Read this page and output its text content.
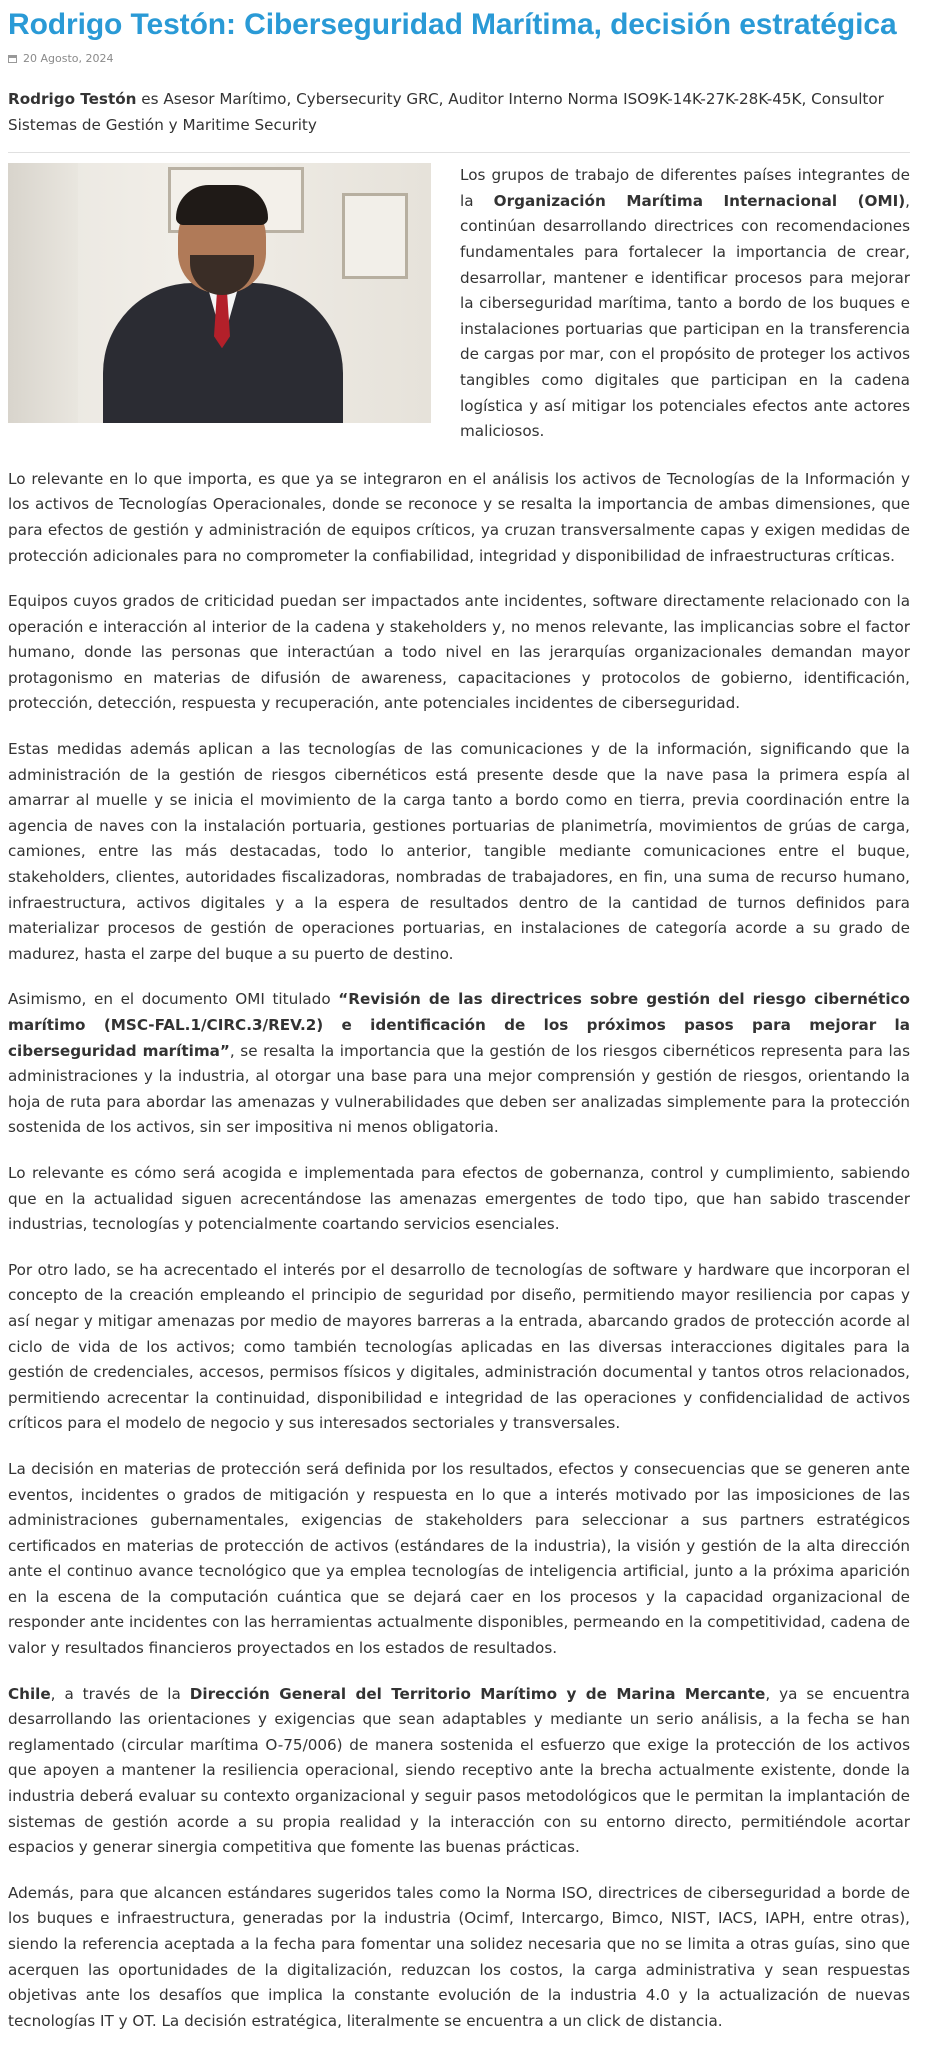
Rodrigo Testón: Ciberseguridad Marítima, decisión estratégica
20 Agosto, 2024

Rodrigo Testón es Asesor Marítimo, Cybersecurity GRC, Auditor Interno Norma ISO9K-14K-27K-28K-45K, Consultor Sistemas de Gestión y Maritime Security

Los grupos de trabajo de diferentes países integrantes de la Organización Marítima Internacional (OMI), continúan desarrollando directrices con recomendaciones fundamentales para fortalecer la importancia de crear, desarrollar, mantener e identificar procesos para mejorar la ciberseguridad marítima, tanto a bordo de los buques e instalaciones portuarias que participan en la transferencia de cargas por mar, con el propósito de proteger los activos tangibles como digitales que participan en la cadena logística y así mitigar los potenciales efectos ante actores maliciosos.

Lo relevante en lo que importa, es que ya se integraron en el análisis los activos de Tecnologías de la Información y los activos de Tecnologías Operacionales, donde se reconoce y se resalta la importancia de ambas dimensiones, que para efectos de gestión y administración de equipos críticos, ya cruzan transversalmente capas y exigen medidas de protección adicionales para no comprometer la confiabilidad, integridad y disponibilidad de infraestructuras críticas.

Equipos cuyos grados de criticidad puedan ser impactados ante incidentes, software directamente relacionado con la operación e interacción al interior de la cadena y stakeholders y, no menos relevante, las implicancias sobre el factor humano, donde las personas que interactúan a todo nivel en las jerarquías organizacionales demandan mayor protagonismo en materias de difusión de awareness, capacitaciones y protocolos de gobierno, identificación, protección, detección, respuesta y recuperación, ante potenciales incidentes de ciberseguridad.

Estas medidas además aplican a las tecnologías de las comunicaciones y de la información, significando que la administración de la gestión de riesgos cibernéticos está presente desde que la nave pasa la primera espía al amarrar al muelle y se inicia el movimiento de la carga tanto a bordo como en tierra, previa coordinación entre la agencia de naves con la instalación portuaria, gestiones portuarias de planimetría, movimientos de grúas de carga, camiones, entre las más destacadas, todo lo anterior, tangible mediante comunicaciones entre el buque, stakeholders, clientes, autoridades fiscalizadoras, nombradas de trabajadores, en fin, una suma de recurso humano, infraestructura, activos digitales y a la espera de resultados dentro de la cantidad de turnos definidos para materializar procesos de gestión de operaciones portuarias, en instalaciones de categoría acorde a su grado de madurez, hasta el zarpe del buque a su puerto de destino.

Asimismo, en el documento OMI titulado “Revisión de las directrices sobre gestión del riesgo cibernético marítimo (MSC-FAL.1/CIRC.3/REV.2) e identificación de los próximos pasos para mejorar la ciberseguridad marítima”, se resalta la importancia que la gestión de los riesgos cibernéticos representa para las administraciones y la industria, al otorgar una base para una mejor comprensión y gestión de riesgos, orientando la hoja de ruta para abordar las amenazas y vulnerabilidades que deben ser analizadas simplemente para la protección sostenida de los activos, sin ser impositiva ni menos obligatoria.

Lo relevante es cómo será acogida e implementada para efectos de gobernanza, control y cumplimiento, sabiendo que en la actualidad siguen acrecentándose las amenazas emergentes de todo tipo, que han sabido trascender industrias, tecnologías y potencialmente coartando servicios esenciales.

Por otro lado, se ha acrecentado el interés por el desarrollo de tecnologías de software y hardware que incorporan el concepto de la creación empleando el principio de seguridad por diseño, permitiendo mayor resiliencia por capas y así negar y mitigar amenazas por medio de mayores barreras a la entrada, abarcando grados de protección acorde al ciclo de vida de los activos; como también tecnologías aplicadas en las diversas interacciones digitales para la gestión de credenciales, accesos, permisos físicos y digitales, administración documental y tantos otros relacionados, permitiendo acrecentar la continuidad, disponibilidad e integridad de las operaciones y confidencialidad de activos críticos para el modelo de negocio y sus interesados sectoriales y transversales.

La decisión en materias de protección será definida por los resultados, efectos y consecuencias que se generen ante eventos, incidentes o grados de mitigación y respuesta en lo que a interés motivado por las imposiciones de las administraciones gubernamentales, exigencias de stakeholders para seleccionar a sus partners estratégicos certificados en materias de protección de activos (estándares de la industria), la visión y gestión de la alta dirección ante el continuo avance tecnológico que ya emplea tecnologías de inteligencia artificial, junto a la próxima aparición en la escena de la computación cuántica que se dejará caer en los procesos y la capacidad organizacional de responder ante incidentes con las herramientas actualmente disponibles, permeando en la competitividad, cadena de valor y resultados financieros proyectados en los estados de resultados.

Chile, a través de la Dirección General del Territorio Marítimo y de Marina Mercante, ya se encuentra desarrollando las orientaciones y exigencias que sean adaptables y mediante un serio análisis, a la fecha se han reglamentado (circular marítima O-75/006) de manera sostenida el esfuerzo que exige la protección de los activos que apoyen a mantener la resiliencia operacional, siendo receptivo ante la brecha actualmente existente, donde la industria deberá evaluar su contexto organizacional y seguir pasos metodológicos que le permitan la implantación de sistemas de gestión acorde a su propia realidad y la interacción con su entorno directo, permitiéndole acortar espacios y generar sinergia competitiva que fomente las buenas prácticas.

Además, para que alcancen estándares sugeridos tales como la Norma ISO, directrices de ciberseguridad a borde de los buques e infraestructura, generadas por la industria (Ocimf, Intercargo, Bimco, NIST, IACS, IAPH, entre otras), siendo la referencia aceptada a la fecha para fomentar una solidez necesaria que no se limita a otras guías, sino que acerquen las oportunidades de la digitalización, reduzcan los costos, la carga administrativa y sean respuestas objetivas ante los desafíos que implica la constante evolución de la industria 4.0 y la actualización de nuevas tecnologías IT y OT. La decisión estratégica, literalmente se encuentra a un click de distancia.
